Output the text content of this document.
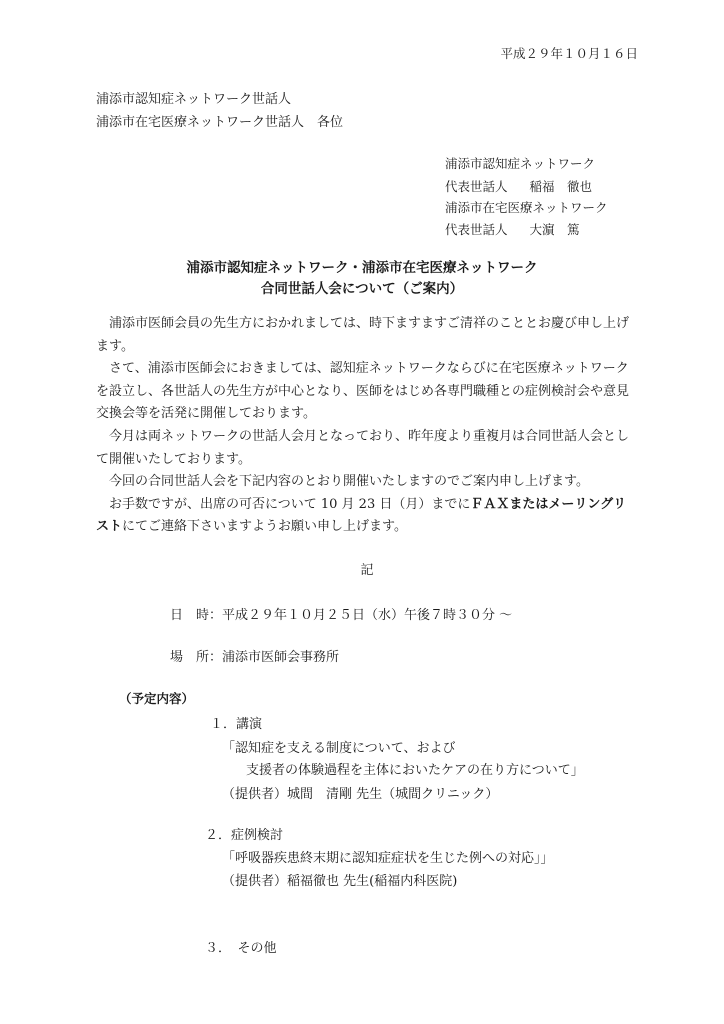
平成２９年１０月１６日
浦添市認知症ネットワーク世話人
浦添市在宅医療ネットワーク世話人　各位
浦添市認知症ネットワーク
代表世話人 稲福　徹也
浦添市在宅医療ネットワーク
代表世話人 大濵　篤
浦添市認知症ネットワーク・浦添市在宅医療ネットワーク
合同世話人会について（ご案内）

浦添市医師会員の先生方におかれましては、時下ますますご清祥のこととお慶び申し上げます。

さて、浦添市医師会におきましては、認知症ネットワークならびに在宅医療ネットワークを設立し、各世話人の先生方が中心となり、医師をはじめ各専門職種との症例検討会や意見交換会等を活発に開催しております。

今月は両ネットワークの世話人会月となっており、昨年度より重複月は合同世話人会として開催いたしております。

今回の合同世話人会を下記内容のとおり開催いたしますのでご案内申し上げます。

お手数ですが、出席の可否について 10 月 23 日（月）までにＦＡＸまたはメーリングリストにてご連絡下さいますようお願い申し上げます。

記
日　時：平成２９年１０月２５日（水）午後７時３０分 ～
場　所：浦添市医師会事務所
（予定内容）
１．講演
「認知症を支える制度について、および
支援者の体験過程を主体においたケアの在り方について」
（提供者）城間　清剛 先生（城間クリニック）
２．症例検討
「呼吸器疾患終末期に認知症症状を生じた例への対応」」
（提供者）稲福徹也 先生(稲福内科医院)
３．　その他
